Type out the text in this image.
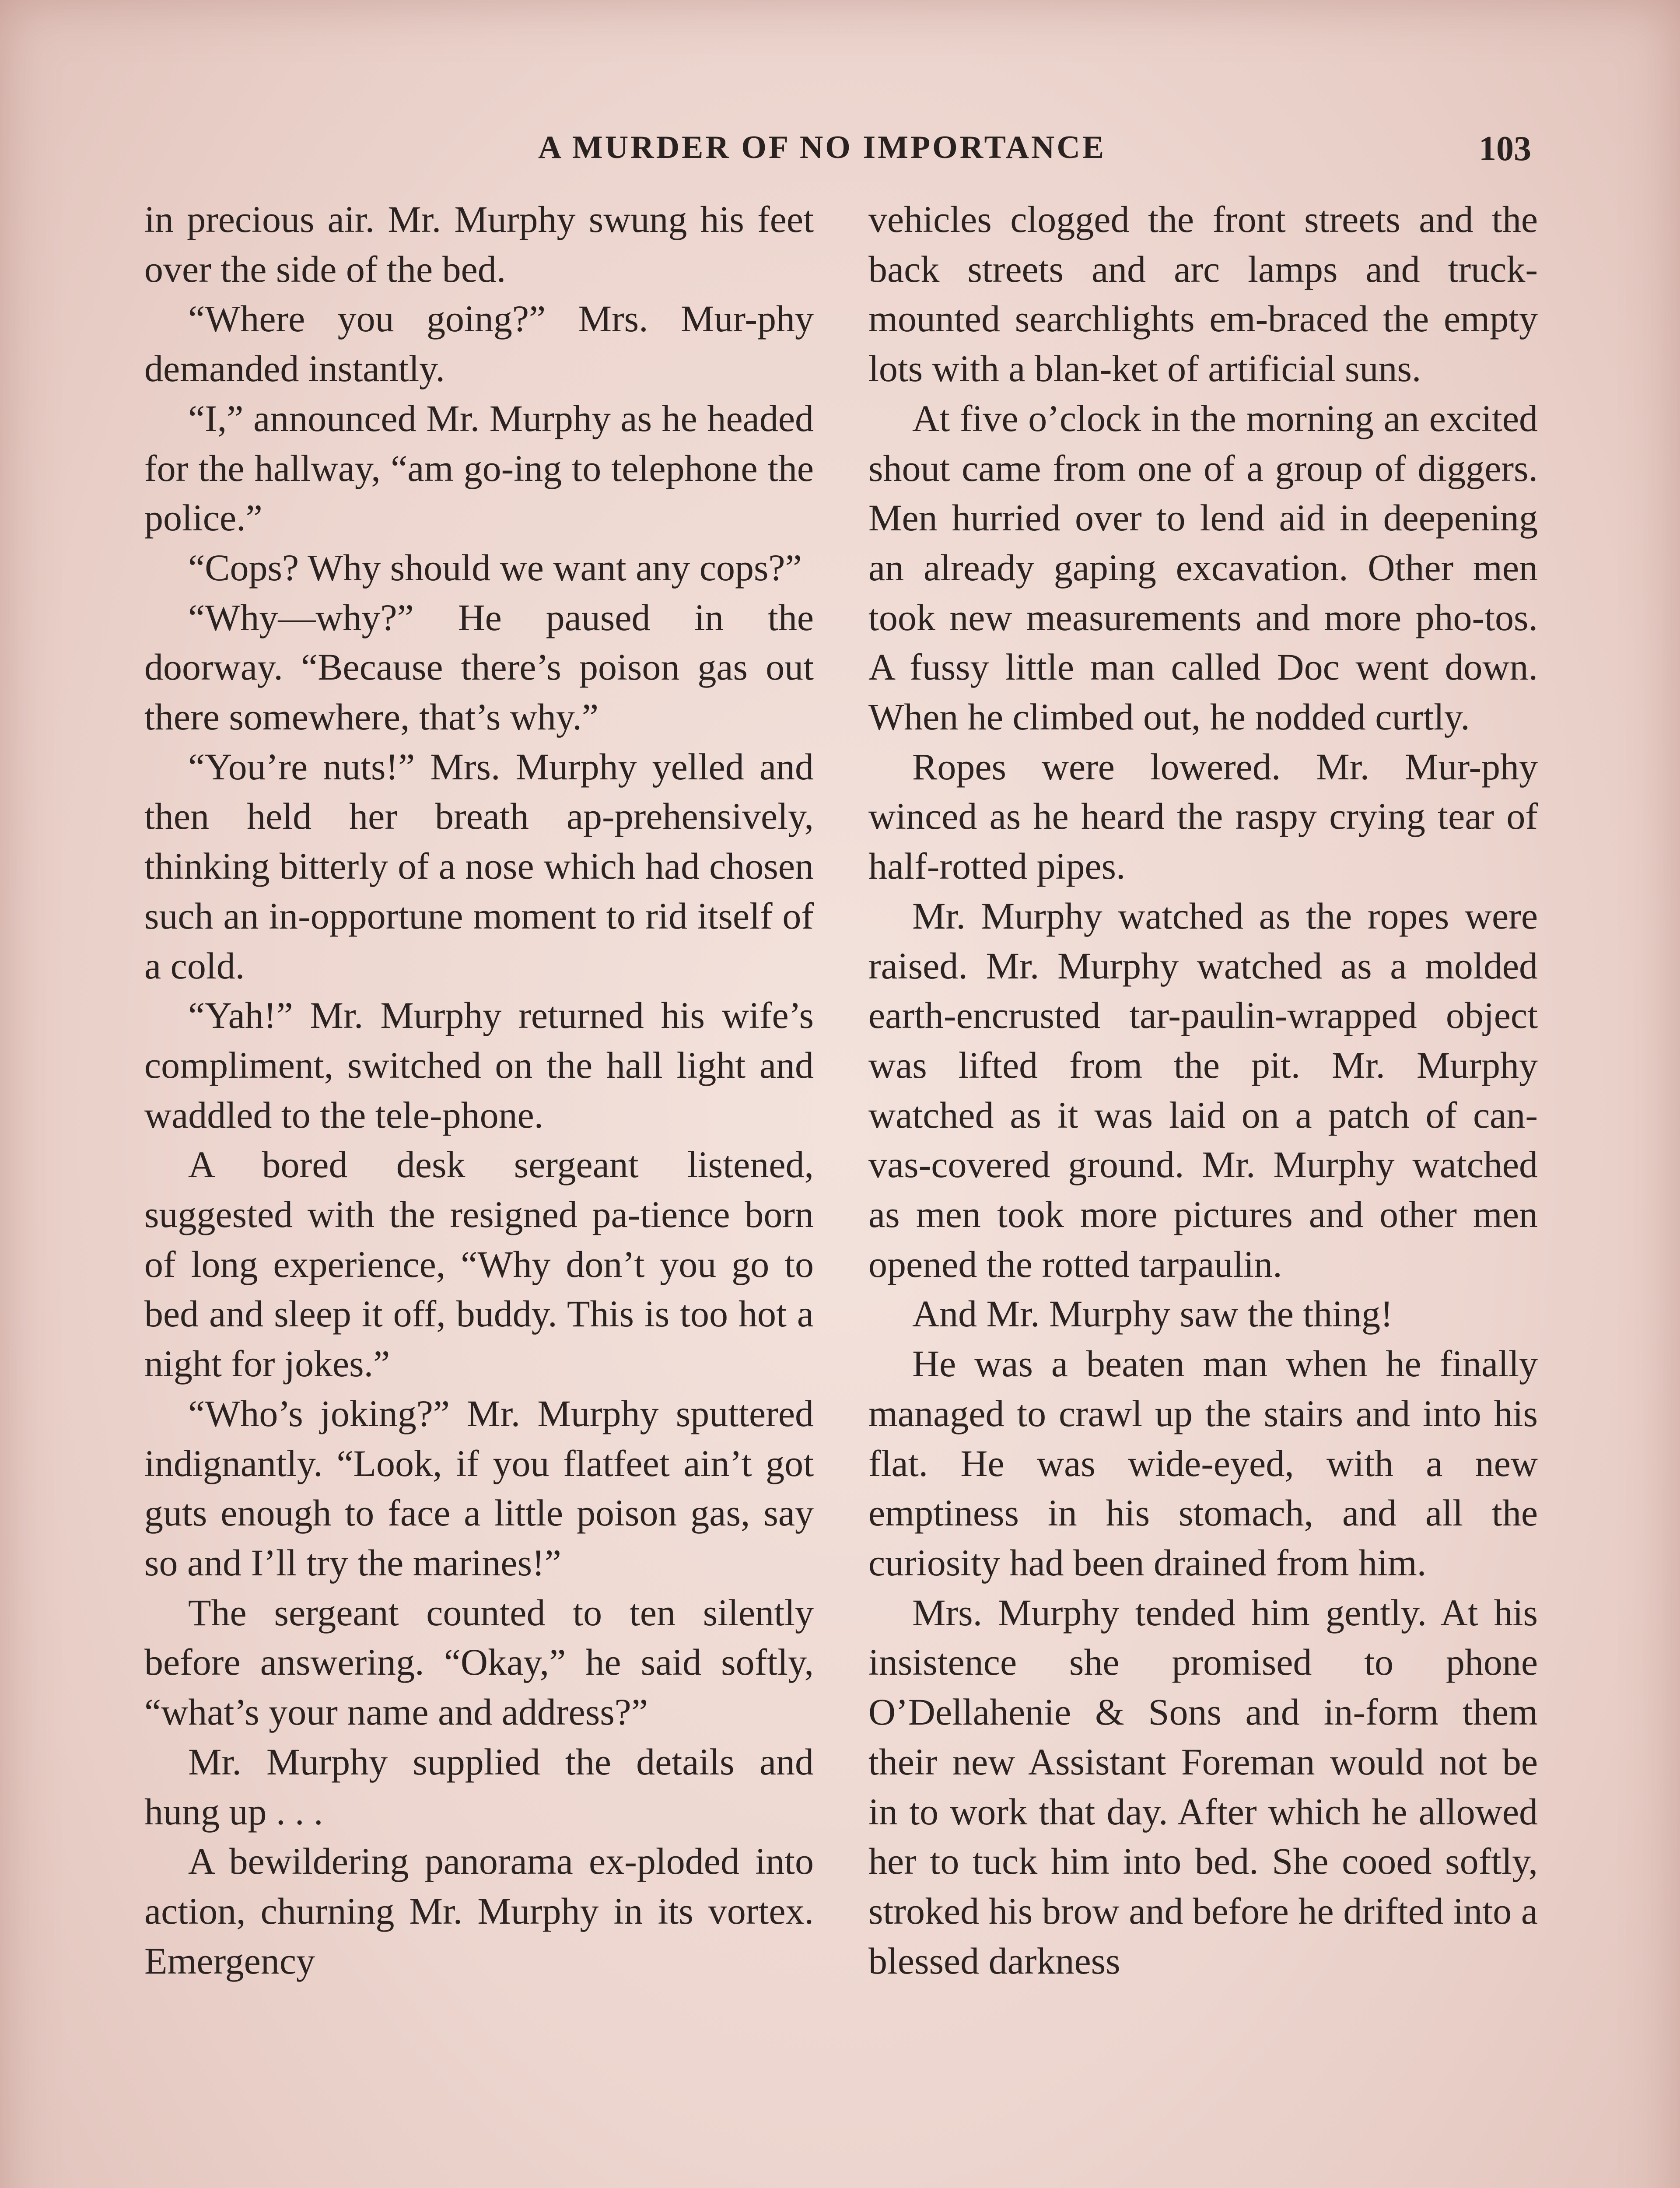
A MURDER OF NO IMPORTANCE	103

in precious air. Mr. Murphy swung his feet over the side of the bed.

“Where you going?” Mrs. Mur-phy demanded instantly.

“I,” announced Mr. Murphy as he headed for the hallway, “am go-ing to telephone the police.”

“Cops? Why should we want any cops?”

“Why—why?” He paused in the doorway. “Because there’s poison gas out there somewhere, that’s why.”

“You’re nuts!” Mrs. Murphy yelled and then held her breath ap-prehensively, thinking bitterly of a nose which had chosen such an in-opportune moment to rid itself of a cold.

“Yah!” Mr. Murphy returned his wife’s compliment, switched on the hall light and waddled to the tele-phone.

A bored desk sergeant listened, suggested with the resigned pa-tience born of long experience, “Why don’t you go to bed and sleep it off, buddy. This is too hot a night for jokes.”

“Who’s joking?” Mr. Murphy sputtered indignantly. “Look, if you flatfeet ain’t got guts enough to face a little poison gas, say so and I’ll try the marines!”

The sergeant counted to ten silently before answering. “Okay,” he said softly, “what’s your name and address?”

Mr. Murphy supplied the details and hung up . . .

A bewildering panorama ex-ploded into action, churning Mr. Murphy in its vortex. Emergency

vehicles clogged the front streets and the back streets and arc lamps and truck-mounted searchlights em-braced the empty lots with a blan-ket of artificial suns.

At five o’clock in the morning an excited shout came from one of a group of diggers. Men hurried over to lend aid in deepening an already gaping excavation. Other men took new measurements and more pho-tos. A fussy little man called Doc went down. When he climbed out, he nodded curtly.

Ropes were lowered. Mr. Mur-phy winced as he heard the raspy crying tear of half-rotted pipes.

Mr. Murphy watched as the ropes were raised. Mr. Murphy watched as a molded earth-encrusted tar-paulin-wrapped object was lifted from the pit. Mr. Murphy watched as it was laid on a patch of can-vas-covered ground. Mr. Murphy watched as men took more pictures and other men opened the rotted tarpaulin.

And Mr. Murphy saw the thing!

He was a beaten man when he finally managed to crawl up the stairs and into his flat. He was wide-eyed, with a new emptiness in his stomach, and all the curiosity had been drained from him.

Mrs. Murphy tended him gently. At his insistence she promised to phone O’Dellahenie & Sons and in-form them their new Assistant Foreman would not be in to work that day. After which he allowed her to tuck him into bed. She cooed softly, stroked his brow and before he drifted into a blessed darkness
